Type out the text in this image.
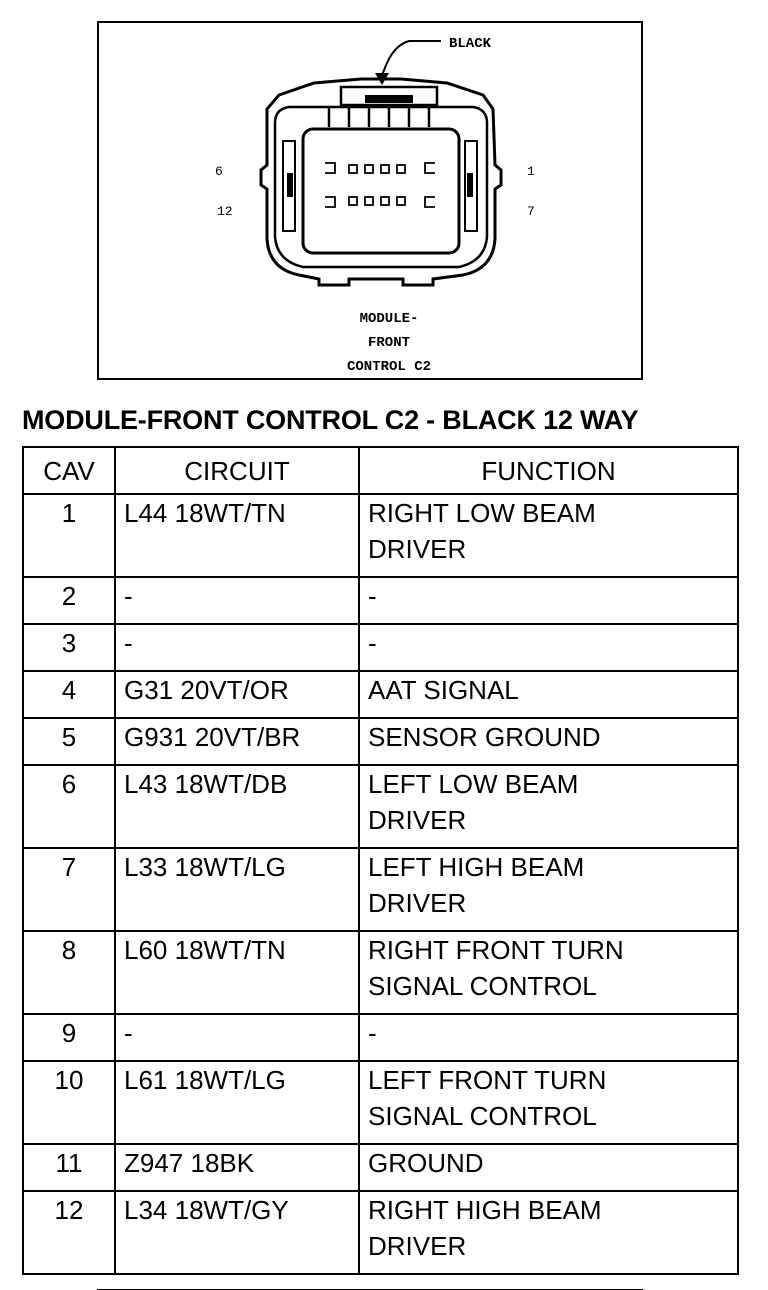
BLACK
6
12
1
7
MODULE-
FRONT
CONTROL C2
MODULE-FRONT CONTROL C2 - BLACK 12 WAY
CAV	CIRCUIT	FUNCTION
1	L44 18WT/TN	RIGHT LOW BEAM
DRIVER

2	-	-

3	-	-

4	G31 20VT/OR	AAT SIGNAL

5	G931 20VT/BR	SENSOR GROUND

6	L43 18WT/DB	LEFT LOW BEAM
DRIVER

7	L33 18WT/LG	LEFT HIGH BEAM
DRIVER

8	L60 18WT/TN	RIGHT FRONT TURN
SIGNAL CONTROL

9	-	-

10	L61 18WT/LG	LEFT FRONT TURN
SIGNAL CONTROL

11	Z947 18BK	GROUND

12	L34 18WT/GY	RIGHT HIGH BEAM
DRIVER
